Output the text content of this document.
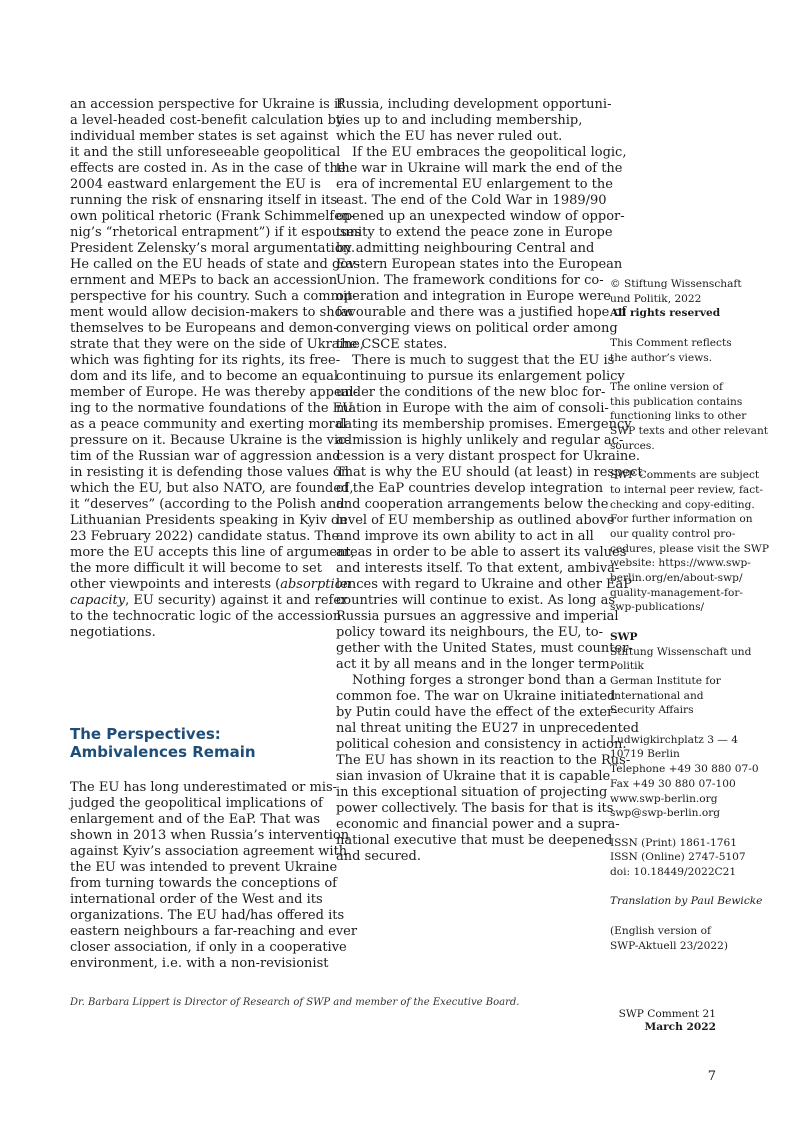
an accession perspective for Ukraine is if
a level-headed cost-benefit calculation by
individual member states is set against
it and the still unforeseeable geopolitical
effects are costed in. As in the case of the
2004 eastward enlargement the EU is
running the risk of ensnaring itself in its
own political rhetoric (Frank Schimmelfen-
nig’s “rhetorical entrapment”) if it espouses
President Zelensky’s moral argumentation.
He called on the EU heads of state and gov-
ernment and MEPs to back an accession
perspective for his country. Such a commit-
ment would allow decision-makers to show
themselves to be Europeans and demon-
strate that they were on the side of Ukraine,
which was fighting for its rights, its free-
dom and its life, and to become an equal
member of Europe. He was thereby appeal-
ing to the normative foundations of the EU
as a peace community and exerting moral
pressure on it. Because Ukraine is the vic-
tim of the Russian war of aggression and
in resisting it is defending those values on
which the EU, but also NATO, are founded,
it “deserves” (according to the Polish and
Lithuanian Presidents speaking in Kyiv on
23 February 2022) candidate status. The
more the EU accepts this line of argument,
the more difficult it will become to set
other viewpoints and interests (absorption
capacity, EU security) against it and refer
to the technocratic logic of the accession
negotiations.
The Perspectives:
Ambivalences Remain
The EU has long underestimated or mis-
judged the geopolitical implications of
enlargement and of the EaP. That was
shown in 2013 when Russia’s intervention
against Kyiv’s association agreement with
the EU was intended to prevent Ukraine
from turning towards the conceptions of
international order of the West and its
organizations. The EU had/has offered its
eastern neighbours a far-reaching and ever
closer association, if only in a cooperative
environment, i.e. with a non-revisionist
Russia, including development opportuni-
ties up to and including membership,
which the EU has never ruled out.
If the EU embraces the geopolitical logic,
the war in Ukraine will mark the end of the
era of incremental EU enlargement to the
east. The end of the Cold War in 1989/90
opened up an unexpected window of oppor-
tunity to extend the peace zone in Europe
by admitting neighbouring Central and
Eastern European states into the European
Union. The framework conditions for co-
operation and integration in Europe were
favourable and there was a justified hope of
converging views on political order among
the CSCE states.
There is much to suggest that the EU is
continuing to pursue its enlargement policy
under the conditions of the new bloc for-
mation in Europe with the aim of consoli-
dating its membership promises. Emergency
admission is highly unlikely and regular ac-
cession is a very distant prospect for Ukraine.
That is why the EU should (at least) in respect
of the EaP countries develop integration
and cooperation arrangements below the
level of EU membership as outlined above
and improve its own ability to act in all
areas in order to be able to assert its values
and interests itself. To that extent, ambiva-
lences with regard to Ukraine and other EaP
countries will continue to exist. As long as
Russia pursues an aggressive and imperial
policy toward its neighbours, the EU, to-
gether with the United States, must counter-
act it by all means and in the longer term.
Nothing forges a stronger bond than a
common foe. The war on Ukraine initiated
by Putin could have the effect of the exter-
nal threat uniting the EU27 in unprecedented
political cohesion and consistency in action.
The EU has shown in its reaction to the Rus-
sian invasion of Ukraine that it is capable
in this exceptional situation of projecting
power collectively. The basis for that is its
economic and financial power and a supra-
national executive that must be deepened
and secured.
© Stiftung Wissenschaft
und Politik, 2022
All rights reserved
This Comment reflects
the author’s views.
The online version of
this publication contains
functioning links to other
SWP texts and other relevant
sources.
SWP Comments are subject
to internal peer review, fact-
checking and copy-editing.
For further information on
our quality control pro-
cedures, please visit the SWP
website: https://www.swp-
berlin.org/en/about-swp/
quality-management-for-
swp-publications/
SWP
Stiftung Wissenschaft und
Politik
German Institute for
International and
Security Affairs
Ludwigkirchplatz 3 — 4
10719 Berlin
Telephone +49 30 880 07-0
Fax +49 30 880 07-100
www.swp-berlin.org
swp@swp-berlin.org
ISSN (Print) 1861-1761
ISSN (Online) 2747-5107
doi: 10.18449/2022C21
Translation by Paul Bewicke
(English version of
SWP-Aktuell 23/2022)
Dr. Barbara Lippert is Director of Research of SWP and member of the Executive Board.
SWP Comment 21
March 2022
7
